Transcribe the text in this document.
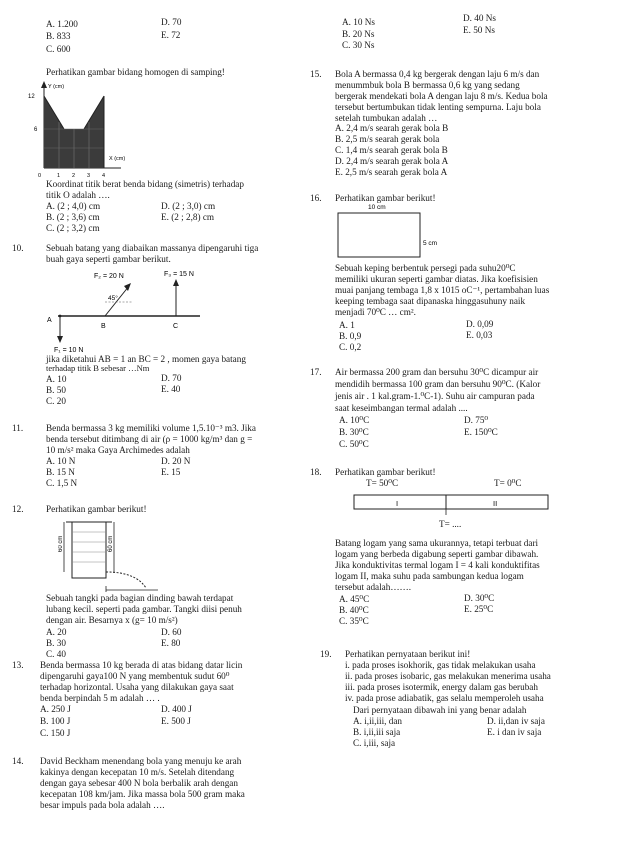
A. 1.200	D. 70
B. 833	E. 72
C. 600
A. 10 Ns	D. 40 Ns
B. 20 Ns	E. 50 Ns
C. 30 Ns
Perhatikan gambar bidang homogen di samping!
Y (cm)
12
6
X (cm)
0	1 2 3 4
Koordinat titik berat benda bidang (simetris) terhadap
titik O adalah ….
A. (2 ; 4,0) cm	D. (2 ; 3,0) cm
B. (2 ; 3,6) cm	E. (2 ; 2,8) cm
C. (2 ; 3,2) cm
10. Sebuah batang yang diabaikan massanya dipengaruhi tiga
buah gaya seperti gambar berikut.
F₂ = 20 N	F₃ = 15 N
45°
A
B	C
F₁ = 10 N
jika diketahui AB = 1 an BC = 2 , momen gaya batang
terhadap titik B sebesar …Nm
A. 10	D. 70
B. 50	E. 40
C. 20
11. Benda bermassa 3 kg memiliki volume 1,5.10⁻³ m3. Jika
benda tersebut ditimbang di air (ρ = 1000 kg/m³ dan g =
10 m/s² maka Gaya Archimedes adalah
A. 10 N	D. 20 N
B. 15 N	E. 15
C. 1,5 N
12. Perhatikan gambar berikut!
60 cm	60 cm
Sebuah tangki pada bagian dinding bawah terdapat
lubang kecil. seperti pada gambar. Tangki diisi penuh
dengan air. Besarnya x (g= 10 m/s²)
A. 20	D. 60
B. 30	E. 80
C. 40
13. Benda bermassa 10 kg berada di atas bidang datar licin
dipengaruhi gaya100 N yang membentuk sudut 60⁰
terhadap horizontal. Usaha yang dilakukan gaya saat
benda berpindah 5 m adalah … .
A. 250 J	D. 400 J
B. 100 J	E. 500 J
C. 150 J
14. David Beckham menendang bola yang menuju ke arah
kakinya dengan kecepatan 10 m/s. Setelah ditendang
dengan gaya sebesar 400 N bola berbalik arah dengan
kecepatan 108 km/jam. Jika massa bola 500 gram maka
besar impuls pada bola adalah ….
15. Bola A bermassa 0,4 kg bergerak dengan laju 6 m/s dan
menummbuk bola B bermassa 0,6 kg yang sedang
bergerak mendekati bola A dengan laju 8 m/s. Kedua bola
tersebut bertumbukan tidak lenting sempurna. Laju bola
setelah tumbukan adalah …
A. 2,4 m/s searah gerak bola B
B. 2,5 m/s searah gerak bola
C. 1,4 m/s searah gerak bola B
D. 2,4 m/s searah gerak bola A
E. 2,5 m/s searah gerak bola A
16. Perhatikan gambar berikut!
10 cm
5 cm
Sebuah keping berbentuk persegi pada suhu20⁰C
memiliki ukuran seperti gambar diatas. Jika koefisisien
muai panjang tembaga 1,8 x 1015 oC⁻¹, pertambahan luas
keeping tembaga saat dipanaska hinggasuhuny naik
menjadi 70⁰C … cm².
A. 1	D. 0,09
B. 0,9	E. 0,03
C. 0,2
17. Air bermassa 200 gram dan bersuhu 30⁰C dicampur air
mendidih bermassa 100 gram dan bersuhu 90⁰C. (Kalor
jenis air . 1 kal.gram-1.⁰C-1). Suhu air campuran pada
saat keseimbangan termal adalah ....
A. 10⁰C	D. 75⁰
B. 30⁰C	E. 150⁰C
C. 50⁰C
18. Perhatikan gambar berikut!
T= 50⁰C	T= 0⁰C
I	II
T= ....
Batang logam yang sama ukurannya, tetapi terbuat dari
logam yang berbeda digabung seperti gambar dibawah.
Jika konduktivitas termal logam I = 4 kali konduktifitas
logam II, maka suhu pada sambungan kedua logam
tersebut adalah…….
A. 45⁰C	D. 30⁰C
B. 40⁰C	E. 25⁰C
C. 35⁰C
19. Perhatikan pernyataan berikut ini!
i. pada proses isokhorik, gas tidak melakukan usaha
ii. pada proses isobaric, gas melakukan menerima usaha
iii. pada proses isotermik, energy dalam gas berubah
iv. pada prose adiabatik, gas selalu memperoleh usaha
Dari pernyataan dibawah ini yang benar adalah
A. i,ii,iii, dan	D. ii,dan iv saja
B. i,ii,iii saja	E. i dan iv saja
C. i,iii, saja
